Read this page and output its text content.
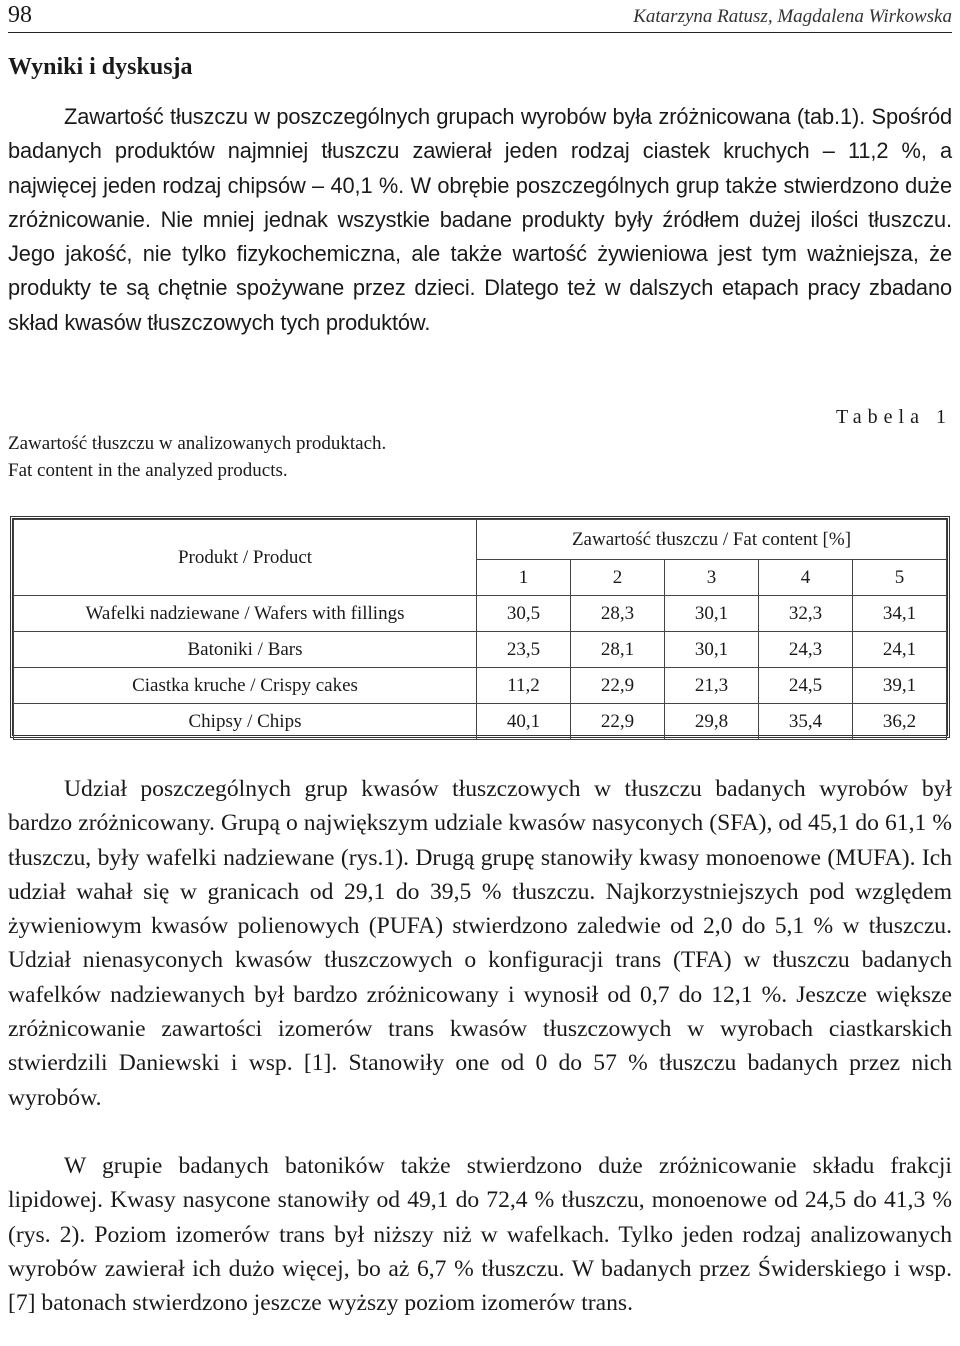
98	Katarzyna Ratusz, Magdalena Wirkowska
Wyniki i dyskusja

Zawartość tłuszczu w poszczególnych grupach wyrobów była zróżnicowana (tab.1). Spośród badanych produktów najmniej tłuszczu zawierał jeden rodzaj ciastek kruchych – 11,2 %, a najwięcej jeden rodzaj chipsów – 40,1 %. W obrębie poszczególnych grup także stwierdzono duże zróżnicowanie. Nie mniej jednak wszystkie badane produkty były źródłem dużej ilości tłuszczu. Jego jakość, nie tylko fizykochemiczna, ale także wartość żywieniowa jest tym ważniejsza, że produkty te są chętnie spożywane przez dzieci. Dlatego też w dalszych etapach pracy zbadano skład kwasów tłuszczowych tych produktów.

Tabela 1
Zawartość tłuszczu w analizowanych produktach.
Fat content in the analyzed products.
Produkt / Product	Zawartość tłuszczu / Fat content [%]				
	1	2	3	4	5
Wafelki nadziewane / Wafers with fillings	30,5	28,3	30,1	32,3	34,1
Batoniki / Bars	23,5	28,1	30,1	24,3	24,1
Ciastka kruche / Crispy cakes	11,2	22,9	21,3	24,5	39,1
Chipsy / Chips	40,1	22,9	29,8	35,4	36,2

Udział poszczególnych grup kwasów tłuszczowych w tłuszczu badanych wyrobów był bardzo zróżnicowany. Grupą o największym udziale kwasów nasyconych (SFA), od 45,1 do 61,1 % tłuszczu, były wafelki nadziewane (rys.1). Drugą grupę stanowiły kwasy monoenowe (MUFA). Ich udział wahał się w granicach od 29,1 do 39,5 % tłuszczu. Najkorzystniejszych pod względem żywieniowym kwasów polienowych (PUFA) stwierdzono zaledwie od 2,0 do 5,1 % w tłuszczu. Udział nienasyconych kwasów tłuszczowych o konfiguracji trans (TFA) w tłuszczu badanych wafelków nadziewanych był bardzo zróżnicowany i wynosił od 0,7 do 12,1 %. Jeszcze większe zróżnicowanie zawartości izomerów trans kwasów tłuszczowych w wyrobach ciastkarskich stwierdzili Daniewski i wsp. [1]. Stanowiły one od 0 do 57 % tłuszczu badanych przez nich wyrobów.

W grupie badanych batoników także stwierdzono duże zróżnicowanie składu frakcji lipidowej. Kwasy nasycone stanowiły od 49,1 do 72,4 % tłuszczu, monoenowe od 24,5 do 41,3 % (rys. 2). Poziom izomerów trans był niższy niż w wafelkach. Tylko jeden rodzaj analizowanych wyrobów zawierał ich dużo więcej, bo aż 6,7 % tłuszczu. W badanych przez Świderskiego i wsp. [7] batonach stwierdzono jeszcze wyższy poziom izomerów trans.
